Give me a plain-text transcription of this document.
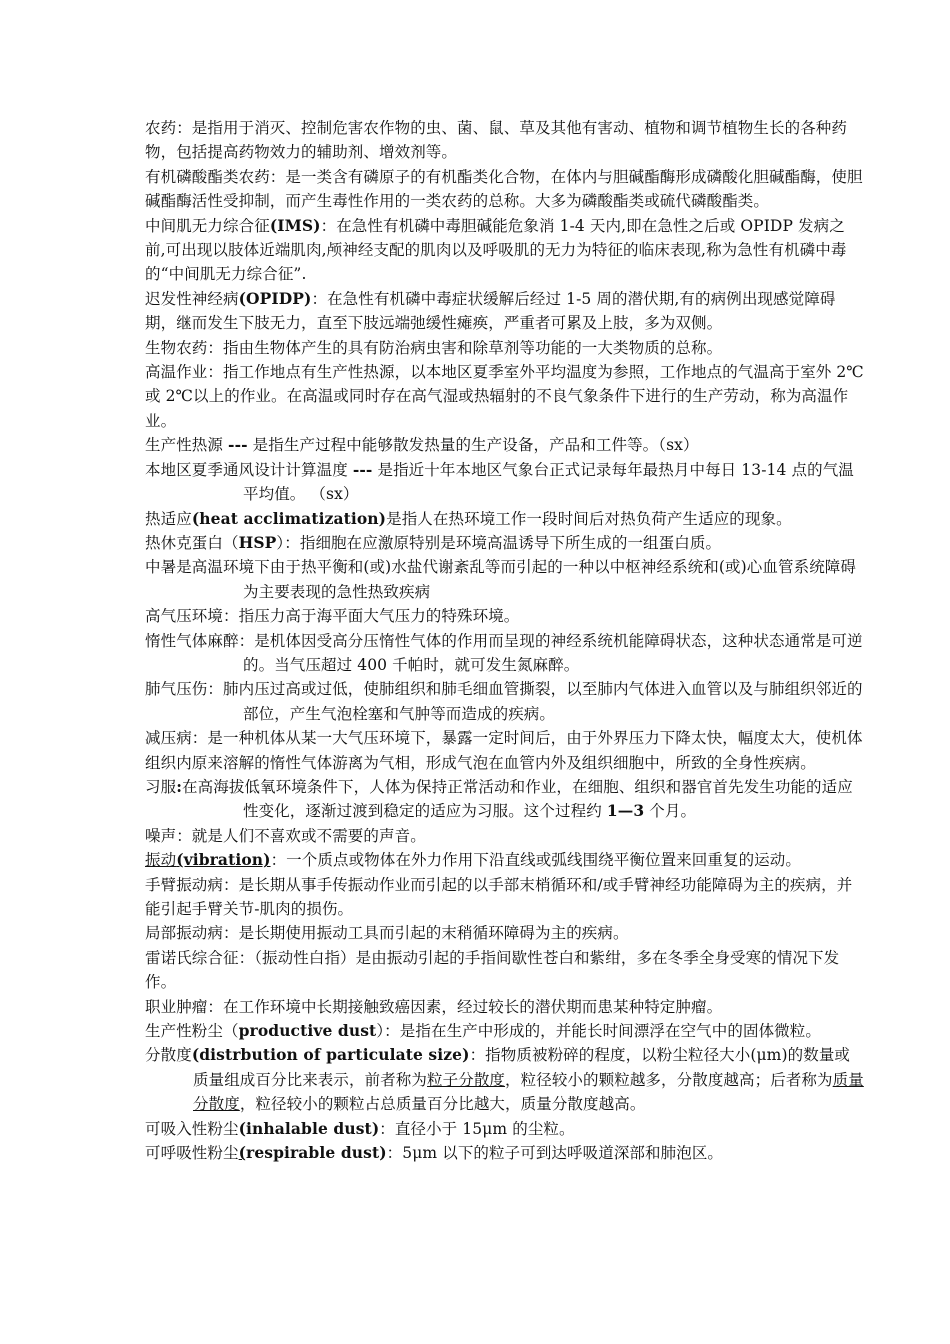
农药：是指用于消灭、控制危害农作物的虫、菌、鼠、草及其他有害动、植物和调节植物生长的各种药物，包括提高药物效力的辅助剂、增效剂等。

有机磷酸酯类农药：是一类含有磷原子的有机酯类化合物，在体内与胆碱酯酶形成磷酸化胆碱酯酶，使胆碱酯酶活性受抑制，而产生毒性作用的一类农药的总称。大多为磷酸酯类或硫代磷酸酯类。

中间肌无力综合征(IMS)：在急性有机磷中毒胆碱能危象消 1-4 天内,即在急性之后或 OPIDP 发病之前,可出现以肢体近端肌肉,颅神经支配的肌肉以及呼吸肌的无力为特征的临床表现,称为急性有机磷中毒的“中间肌无力综合征”.

迟发性神经病(OPIDP)：在急性有机磷中毒症状缓解后经过 1-5 周的潜伏期,有的病例出现感觉障碍期，继而发生下肢无力，直至下肢远端弛缓性瘫痪，严重者可累及上肢，多为双侧。

生物农药：指由生物体产生的具有防治病虫害和除草剂等功能的一大类物质的总称。

高温作业：指工作地点有生产性热源，以本地区夏季室外平均温度为参照，工作地点的气温高于室外 2℃或 2℃以上的作业。在高温或同时存在高气湿或热辐射的不良气象条件下进行的生产劳动，称为高温作业。

生产性热源 --- 是指生产过程中能够散发热量的生产设备，产品和工件等。（sx）

本地区夏季通风设计计算温度 --- 是指近十年本地区气象台正式记录每年最热月中每日 13-14 点的气温平均值。 （sx）

热适应(heat acclimatization)是指人在热环境工作一段时间后对热负荷产生适应的现象。

热休克蛋白（HSP）：指细胞在应激原特别是环境高温诱导下所生成的一组蛋白质。

中暑是高温环境下由于热平衡和(或)水盐代谢紊乱等而引起的一种以中枢神经系统和(或)心血管系统障碍为主要表现的急性热致疾病

高气压环境：指压力高于海平面大气压力的特殊环境。

惰性气体麻醉：是机体因受高分压惰性气体的作用而呈现的神经系统机能障碍状态，这种状态通常是可逆的。当气压超过 400 千帕时，就可发生氮麻醉。

肺气压伤：肺内压过高或过低，使肺组织和肺毛细血管撕裂，以至肺内气体进入血管以及与肺组织邻近的部位，产生气泡栓塞和气肿等而造成的疾病。

减压病：是一种机体从某一大气压环境下，暴露一定时间后，由于外界压力下降太快，幅度太大，使机体组织内原来溶解的惰性气体游离为气相，形成气泡在血管内外及组织细胞中，所致的全身性疾病。

习服:在高海拔低氧环境条件下，人体为保持正常活动和作业，在细胞、组织和器官首先发生功能的适应性变化，逐渐过渡到稳定的适应为习服。这个过程约 1—3 个月。

噪声：就是人们不喜欢或不需要的声音。

振动(vibration)：一个质点或物体在外力作用下沿直线或弧线围绕平衡位置来回重复的运动。

手臂振动病：是长期从事手传振动作业而引起的以手部末梢循环和/或手臂神经功能障碍为主的疾病，并能引起手臂关节-肌肉的损伤。

局部振动病：是长期使用振动工具而引起的末稍循环障碍为主的疾病。

雷诺氏综合征：（振动性白指）是由振动引起的手指间歇性苍白和紫绀，多在冬季全身受寒的情况下发作。

职业肿瘤：在工作环境中长期接触致癌因素，经过较长的潜伏期而患某种特定肿瘤。

生产性粉尘（productive dust）：是指在生产中形成的，并能长时间漂浮在空气中的固体微粒。

分散度(distrbution of particulate size)：指物质被粉碎的程度，以粉尘粒径大小(μm)的数量或质量组成百分比来表示，前者称为粒子分散度，粒径较小的颗粒越多，分散度越高；后者称为质量分散度，粒径较小的颗粒占总质量百分比越大，质量分散度越高。

可吸入性粉尘(inhalable dust)：直径小于 15μm 的尘粒。

可呼吸性粉尘(respirable dust)：5μm 以下的粒子可到达呼吸道深部和肺泡区。
